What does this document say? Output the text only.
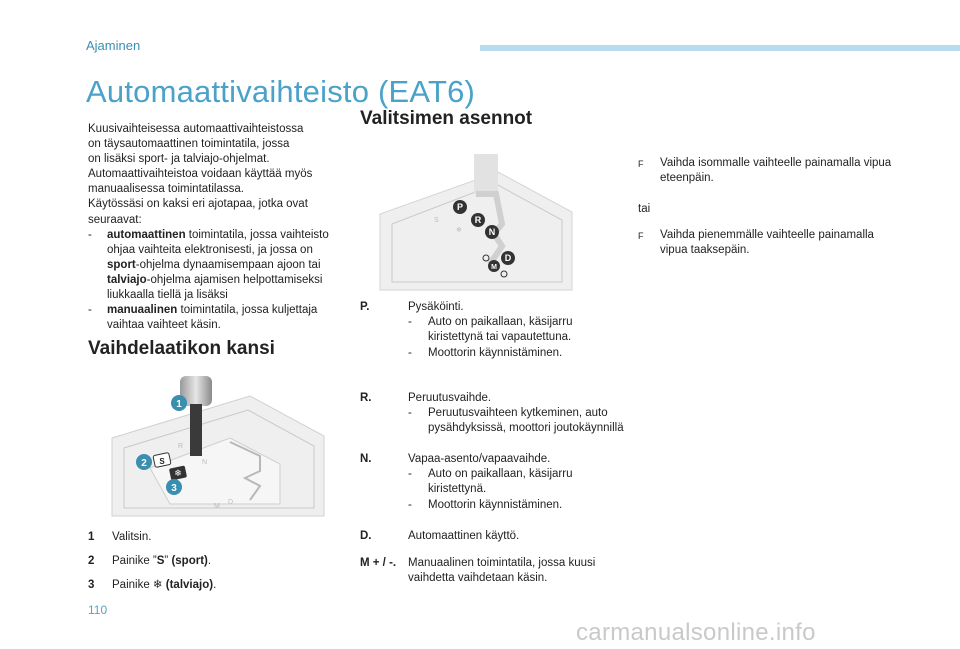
Ajaminen
Automaattivaihteisto (EAT6)

Kuusivaihteisessa automaattivaihteistossa

on täysautomaattinen toimintatila, jossa

on lisäksi sport- ja talviajo-ohjelmat.

Automaattivaihteistoa voidaan käyttää myös

manuaalisessa toimintatilassa.

Käytössäsi on kaksi eri ajotapaa, jotka ovat

seuraavat:

-	automaattinen toimintatila, jossa vaihteisto ohjaa vaihteita elektronisesti, ja jossa on sport-ohjelma dynaamisempaan ajoon tai talviajo-ohjelma ajamisen helpottamiseksi liukkaalla tiellä ja lisäksi
-	manuaalinen toimintatila, jossa kuljettaja vaihtaa vaihteet käsin.
Vaihdelaatikon kansi
S
❄
R
N
D
M
1
2
3
1	Valitsin.
2	Painike ”S” (sport).
3	Painike ❄ (talviajo).
Valitsimen asennot
P
R
N
D
M
S
❄
P.	Pysäköinti.
-	Auto on paikallaan, käsijarru kiristettynä tai vapautettuna.
-	Moottorin käynnistäminen.
R.	Peruutusvaihde.
-	Peruutusvaihteen kytkeminen, auto pysähdyksissä, moottori joutokäynnillä
N.	Vapaa-asento/vapaavaihde.
-	Auto on paikallaan, käsijarru kiristettynä.
-	Moottorin käynnistäminen.
D.	Automaattinen käyttö.
M + / -.	Manuaalinen toimintatila, jossa kuusi vaihdetta vaihdetaan käsin.
F	Vaihda isommalle vaihteelle painamalla vipua eteenpäin.
tai
F	Vaihda pienemmälle vaihteelle painamalla vipua taaksepäin.
110
carmanualsonline.info
